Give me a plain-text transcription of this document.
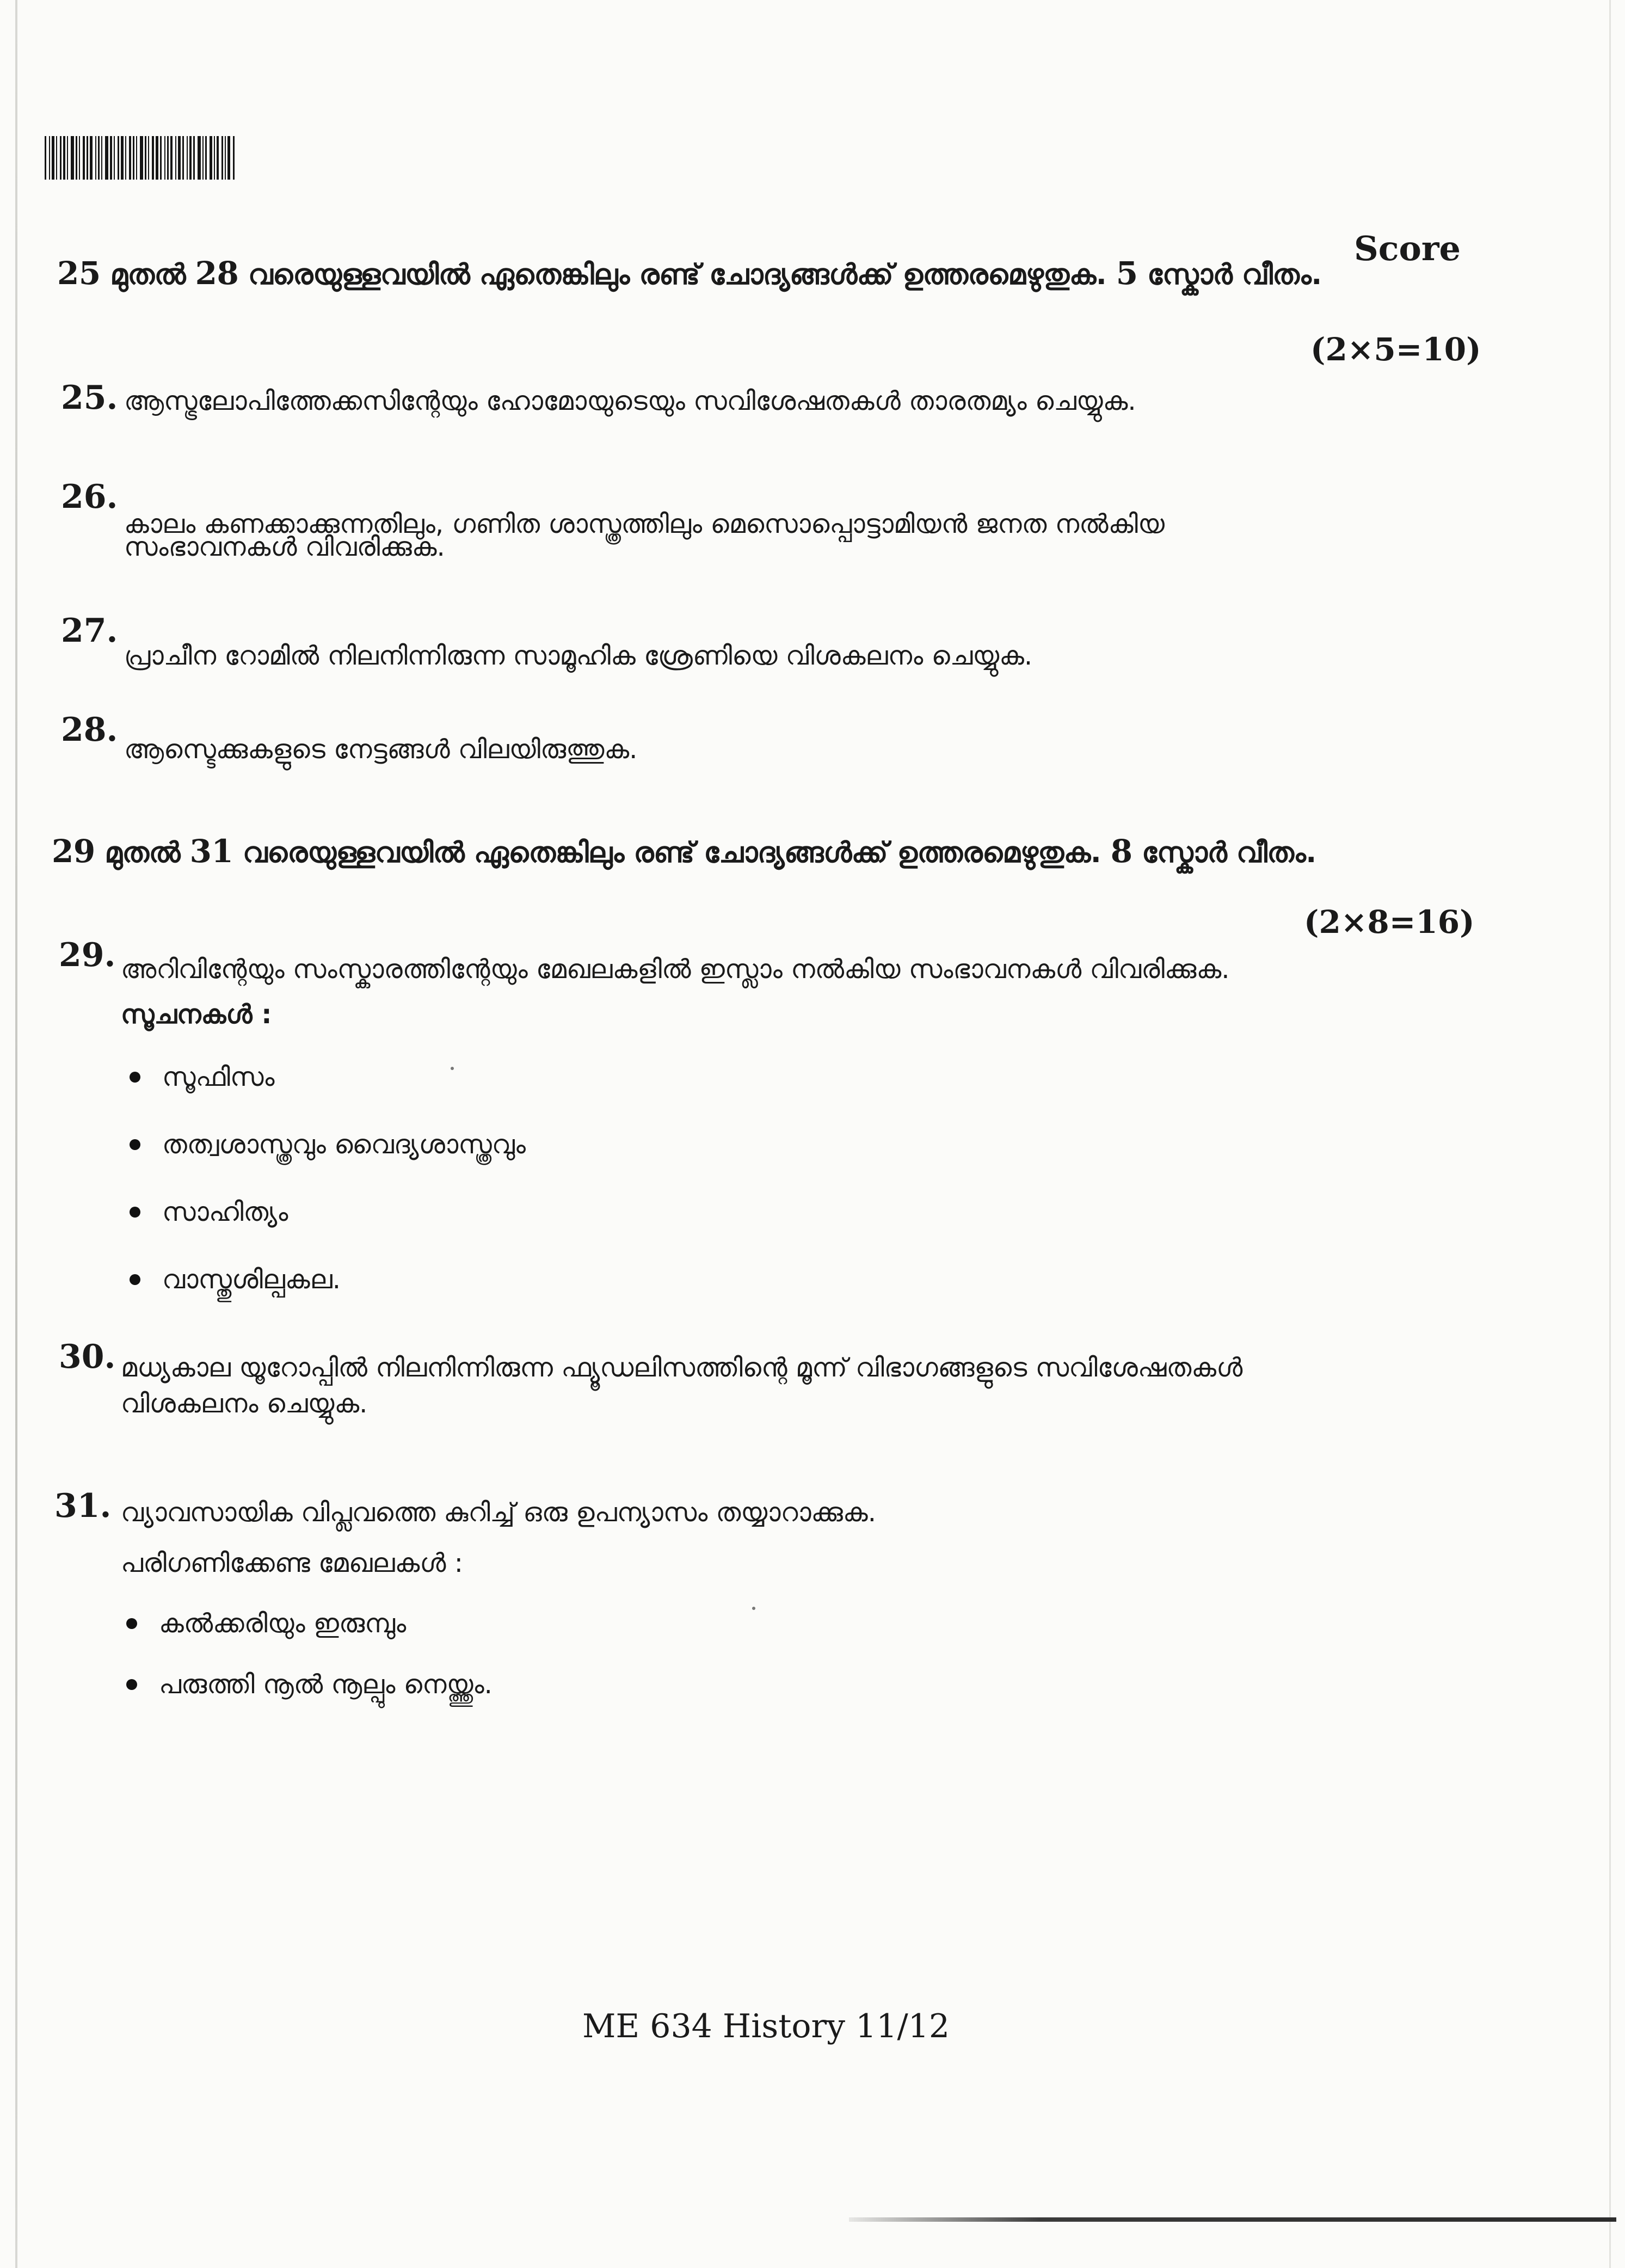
Score
25 മുതൽ 28 വരെയുള്ളവയിൽ ഏതെങ്കിലും രണ്ട് ചോദ്യങ്ങൾക്ക് ഉത്തരമെഴുതുക. 5 സ്കോർ വീതം.
(2×5=10)
25. ആസ്ട്രലോപിത്തേക്കസിന്റേയും ഹോമോയുടെയും സവിശേഷതകൾ താരതമ്യം ചെയ്യുക.
26.
കാലം കണക്കാക്കുന്നതിലും, ഗണിത ശാസ്ത്രത്തിലും മെസൊപ്പൊട്ടാമിയൻ ജനത നൽകിയ
സംഭാവനകൾ വിവരിക്കുക.
27.
പ്രാചീന റോമിൽ നിലനിന്നിരുന്ന സാമൂഹിക ശ്രേണിയെ വിശകലനം ചെയ്യുക.
28.
ആസ്ടെക്കുകളുടെ നേട്ടങ്ങൾ വിലയിരുത്തുക.
29 മുതൽ 31 വരെയുള്ളവയിൽ ഏതെങ്കിലും രണ്ട് ചോദ്യങ്ങൾക്ക് ഉത്തരമെഴുതുക. 8 സ്കോർ വീതം.
(2×8=16)
29. അറിവിന്റേയും സംസ്കാരത്തിന്റേയും മേഖലകളിൽ ഇസ്ലാം നൽകിയ സംഭാവനകൾ വിവരിക്കുക.
സൂചനകൾ :
സൂഫിസം
തത്വശാസ്ത്രവും വൈദ്യശാസ്ത്രവും
സാഹിത്യം
വാസ്തുശില്പകല.
30. മധ്യകാല യൂറോപ്പിൽ നിലനിന്നിരുന്ന ഫ്യൂഡലിസത്തിന്റെ മൂന്ന് വിഭാഗങ്ങളുടെ സവിശേഷതകൾ
വിശകലനം ചെയ്യുക.
31. വ്യാവസായിക വിപ്ലവത്തെ കുറിച്ച് ഒരു ഉപന്യാസം തയ്യാറാക്കുക.
പരിഗണിക്കേണ്ട മേഖലകൾ :
കൽക്കരിയും ഇരുമ്പും
പരുത്തി നൂൽ നൂല്പും നെയ്ത്തും.
ME 634 History 11/12
